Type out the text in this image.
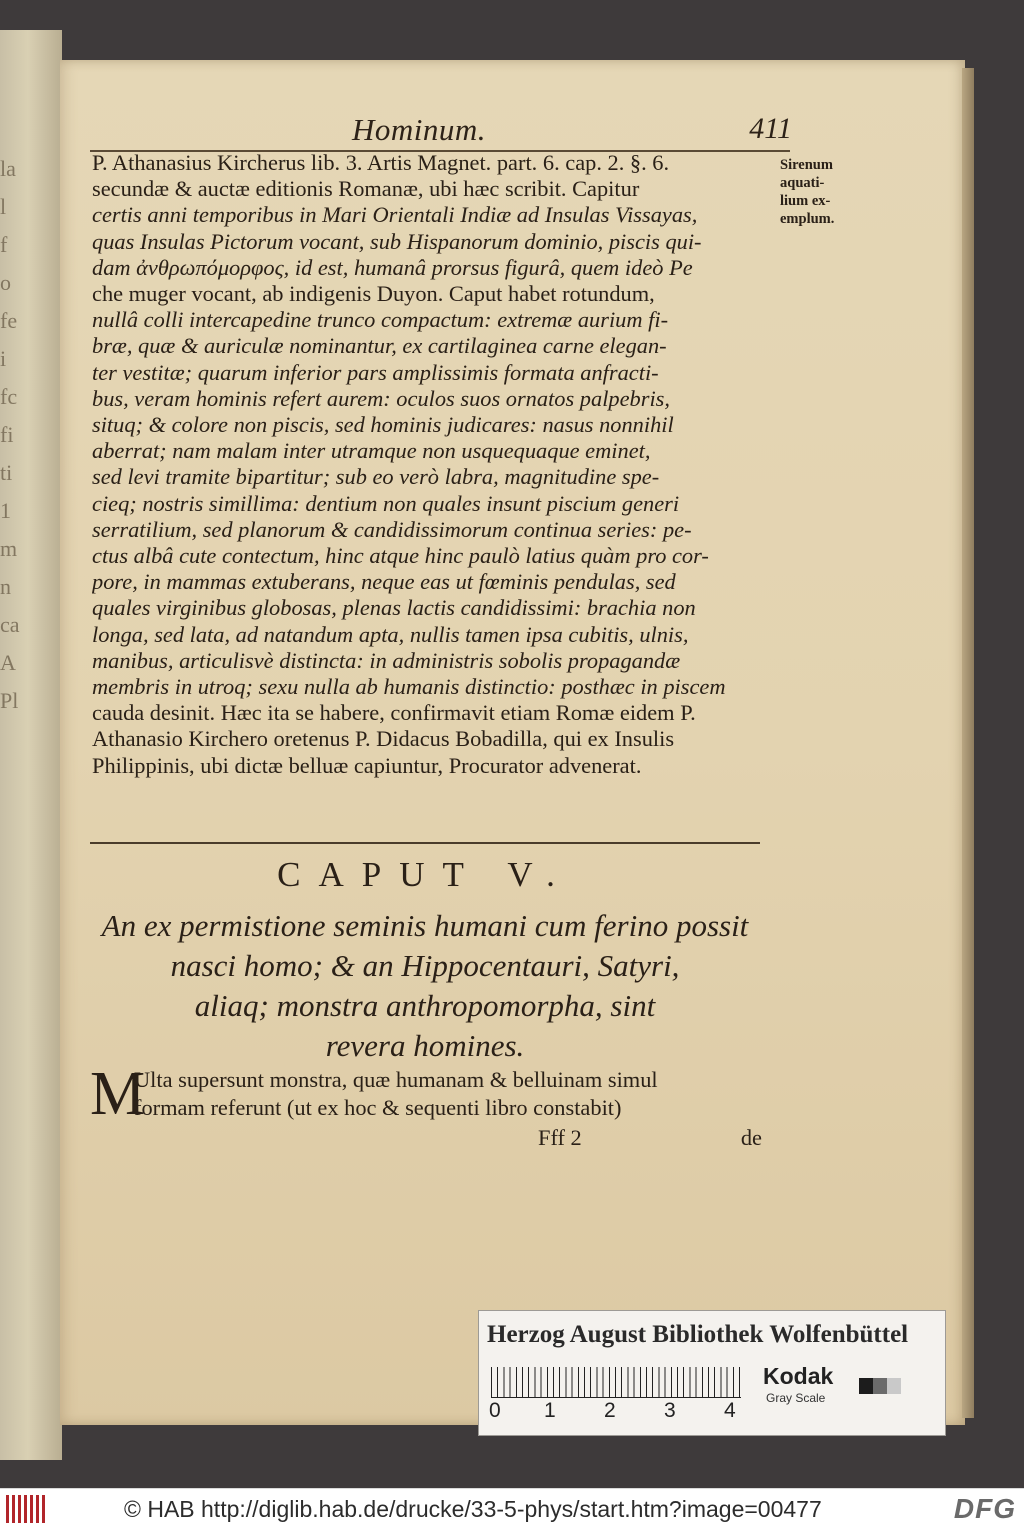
la
l
f
o
fe
i
fc
fi
ti
1
m
n
ca
A
Pl
Hominum.	411
Sirenum
aquati-
lium ex-
emplum.
P. Athanasius Kircherus lib. 3. Artis Magnet. part. 6. cap. 2. §. 6.
secundæ & auctæ editionis Romanæ, ubi hæc scribit. Capitur
certis anni temporibus in Mari Orientali Indiæ ad Insulas Vissayas,
quas Insulas Pictorum vocant, sub Hispanorum dominio, piscis qui-
dam ἀνθρωπόμορφος, id est, humanâ prorsus figurâ, quem ideò Pe
che muger vocant, ab indigenis Duyon. Caput habet rotundum,
nullâ colli intercapedine trunco compactum: extremæ aurium fi-
bræ, quæ & auriculæ nominantur, ex cartilaginea carne elegan-
ter vestitæ; quarum inferior pars amplissimis formata anfracti-
bus, veram hominis refert aurem: oculos suos ornatos palpebris,
situq; & colore non piscis, sed hominis judicares: nasus nonnihil
aberrat; nam malam inter utramque non usquequaque eminet,
sed levi tramite bipartitur; sub eo verò labra, magnitudine spe-
cieq; nostris simillima: dentium non quales insunt piscium generi
serratilium, sed planorum & candidissimorum continua series: pe-
ctus albâ cute contectum, hinc atque hinc paulò latius quàm pro cor-
pore, in mammas extuberans, neque eas ut fœminis pendulas, sed
quales virginibus globosas, plenas lactis candidissimi: brachia non
longa, sed lata, ad natandum apta, nullis tamen ipsa cubitis, ulnis,
manibus, articulisvè distincta: in administris sobolis propagandæ
membris in utroq; sexu nulla ab humanis distinctio: posthæc in piscem
cauda desinit. Hæc ita se habere, confirmavit etiam Romæ eidem P.
Athanasio Kirchero oretenus P. Didacus Bobadilla, qui ex Insulis
Philippinis, ubi dictæ belluæ capiuntur, Procurator advenerat.
CAPUT V.
An ex permistione seminis humani cum ferino possit
nasci homo; & an Hippocentauri, Satyri,
aliaq; monstra anthropomorpha, sint
revera homines.
M
Ulta supersunt monstra, quæ humanam & belluinam simul
formam referunt (ut ex hoc & sequenti libro constabit)
Fff 2	de
Herzog August Bibliothek Wolfenbüttel
0 1 2 3 4
Kodak
Gray Scale
© HAB http://diglib.hab.de/drucke/33-5-phys/start.htm?image=00477	DFG
